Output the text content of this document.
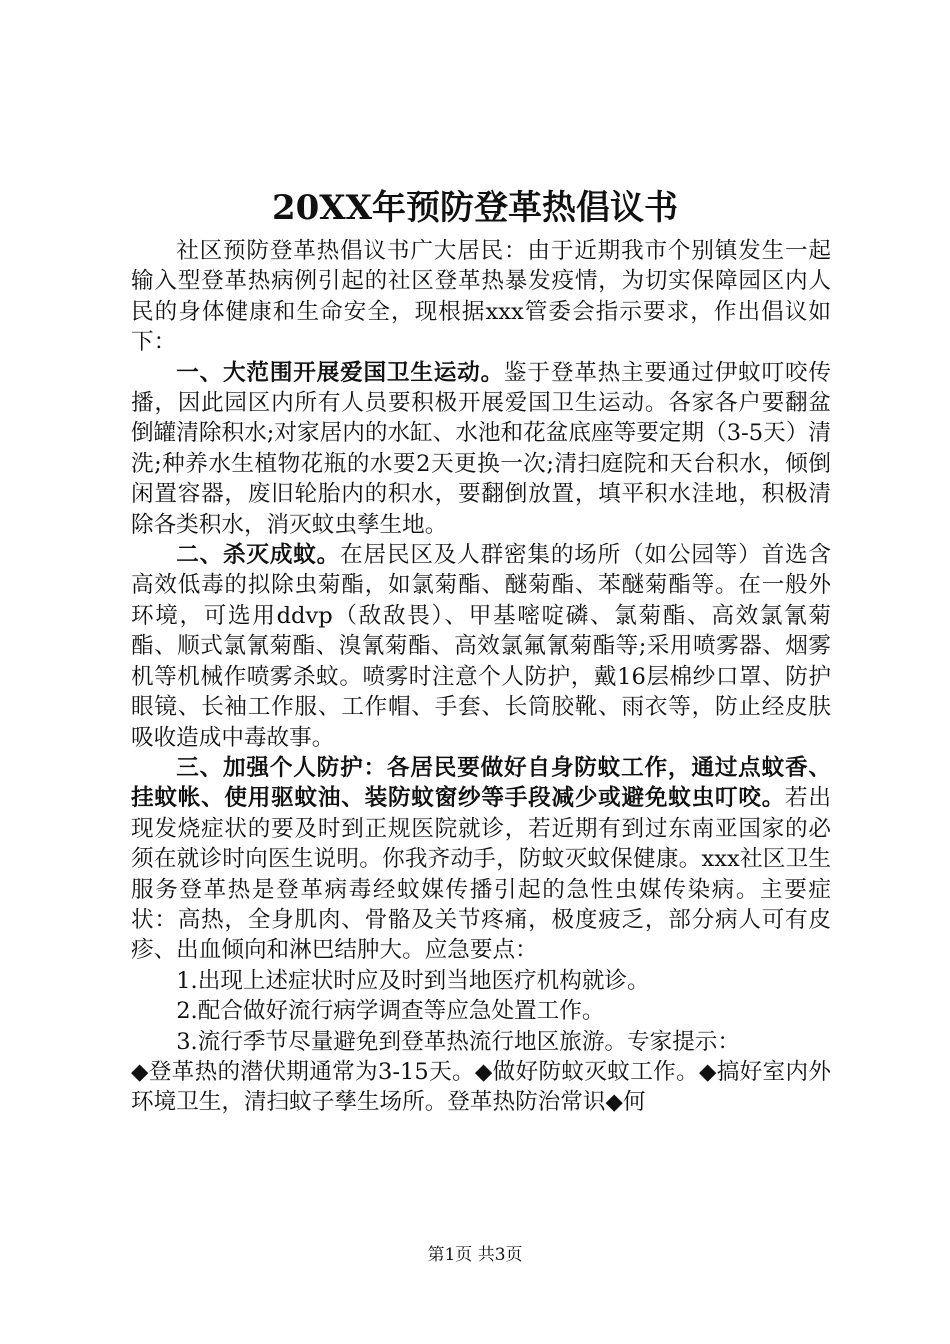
20XX年预防登革热倡议书

社区预防登革热倡议书广大居民：由于近期我市个别镇发生一起输入型登革热病例引起的社区登革热暴发疫情，为切实保障园区内人民的身体健康和生命安全，现根据xxx管委会指示要求，作出倡议如下：

一、大范围开展爱国卫生运动。鉴于登革热主要通过伊蚊叮咬传播，因此园区内所有人员要积极开展爱国卫生运动。各家各户要翻盆倒罐清除积水;对家居内的水缸、水池和花盆底座等要定期（3-5天）清洗;种养水生植物花瓶的水要2天更换一次;清扫庭院和天台积水，倾倒闲置容器，废旧轮胎内的积水，要翻倒放置，填平积水洼地，积极清除各类积水，消灭蚊虫孳生地。

二、杀灭成蚊。在居民区及人群密集的场所（如公园等）首选含高效低毒的拟除虫菊酯，如氯菊酯、醚菊酯、苯醚菊酯等。在一般外环境，可选用ddvp（敌敌畏）、甲基嘧啶磷、氯菊酯、高效氯氰菊酯、顺式氯氰菊酯、溴氰菊酯、高效氯氟氰菊酯等;采用喷雾器、烟雾机等机械作喷雾杀蚊。喷雾时注意个人防护，戴16层棉纱口罩、防护眼镜、长袖工作服、工作帽、手套、长筒胶靴、雨衣等，防止经皮肤吸收造成中毒故事。

三、加强个人防护：各居民要做好自身防蚊工作，通过点蚊香、挂蚊帐、使用驱蚊油、装防蚊窗纱等手段减少或避免蚊虫叮咬。若出现发烧症状的要及时到正规医院就诊，若近期有到过东南亚国家的必须在就诊时向医生说明。你我齐动手，防蚊灭蚊保健康。xxx社区卫生服务登革热是登革病毒经蚊媒传播引起的急性虫媒传染病。主要症状：高热，全身肌肉、骨骼及关节疼痛，极度疲乏，部分病人可有皮疹、出血倾向和淋巴结肿大。应急要点：

1.出现上述症状时应及时到当地医疗机构就诊。

2.配合做好流行病学调查等应急处置工作。

3.流行季节尽量避免到登革热流行地区旅游。专家提示：

◆登革热的潜伏期通常为3-15天。◆做好防蚊灭蚊工作。◆搞好室内外环境卫生，清扫蚊子孳生场所。登革热防治常识◆何

第1页 共3页
